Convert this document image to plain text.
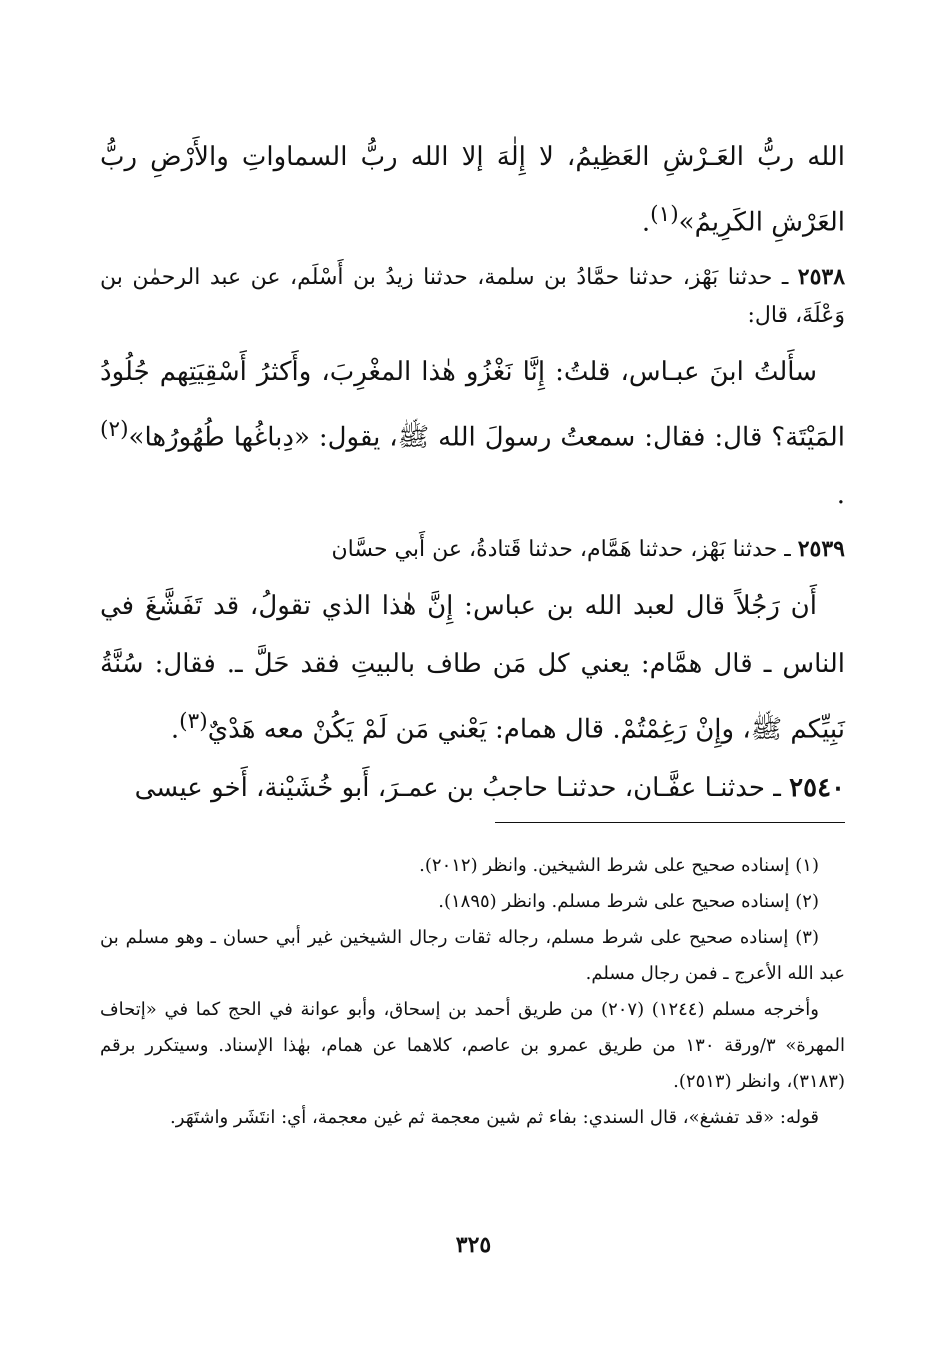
الله ربُّ العَـرْشِ العَظِيمُ، لا إِلٰهَ إلا الله ربُّ السماواتِ والأَرْضِ ربُّ العَرْشِ الكَرِيمُ»$^{(١)}$.

٢٥٣٨ ـ حدثنا بَهْز، حدثنا حمَّادُ بن سلمة، حدثنا زيدُ بن أَسْلَم، عن عبد الرحمٰن بن وَعْلَةَ، قال:

سأَلتُ ابنَ عبـاس، قلتُ: إِنَّا نَغْزُو هٰذا المغْرِبَ، وأَكثرُ أَسْقِيَتِهم جُلُودُ المَيْتَة؟ قال: فقال: سمعتُ رسولَ الله ﷺ، يقول: «دِباغُها طُهُورُها»$^{(٢)}$ .

٢٥٣٩ ـ حدثنا بَهْز، حدثنا هَمَّام، حدثنا قَتادةُ، عن أَبي حسَّان

أَن رَجُلاً قال لعبد الله بن عباس: إِنَّ هٰذا الذي تقولُ، قد تَفَشَّغَ في الناس ـ قال همَّام: يعني كل مَن طاف بالبيتِ فقد حَلَّ ـ. فقال: سُنَّةُ نَبِيِّكم ﷺ، وإِنْ رَغِمْتُمْ. قال همام: يَعْني مَن لَمْ يَكُنْ معه هَدْيٌ$^{(٣)}$.

٢٥٤٠ ـ حدثنـا عفَّـان، حدثنـا حاجبُ بن عمـرَ، أَبو خُشَيْنة، أَخو عيسى

(١) إسناده صحيح على شرط الشيخين. وانظر (٢٠١٢).

(٢) إسناده صحيح على شرط مسلم. وانظر (١٨٩٥).

(٣) إسناده صحيح على شرط مسلم، رجاله ثقات رجال الشيخين غير أبي حسان ـ وهو مسلم بن عبد الله الأعرج ـ فمن رجال مسلم.

وأخرجه مسلم (١٢٤٤) (٢٠٧) من طريق أحمد بن إسحاق، وأبو عوانة في الحج كما في «إتحاف المهرة» ٣/ورقة ١٣٠ من طريق عمرو بن عاصم، كلاهما عن همام، بهٰذا الإسناد. وسيتكرر برقم (٣١٨٣)، وانظر (٢٥١٣).

قوله: «قد تفشغ»، قال السندي: بفاء ثم شين معجمة ثم غين معجمة، أي: انتَشَر واشتَهَر.

٣٢٥
